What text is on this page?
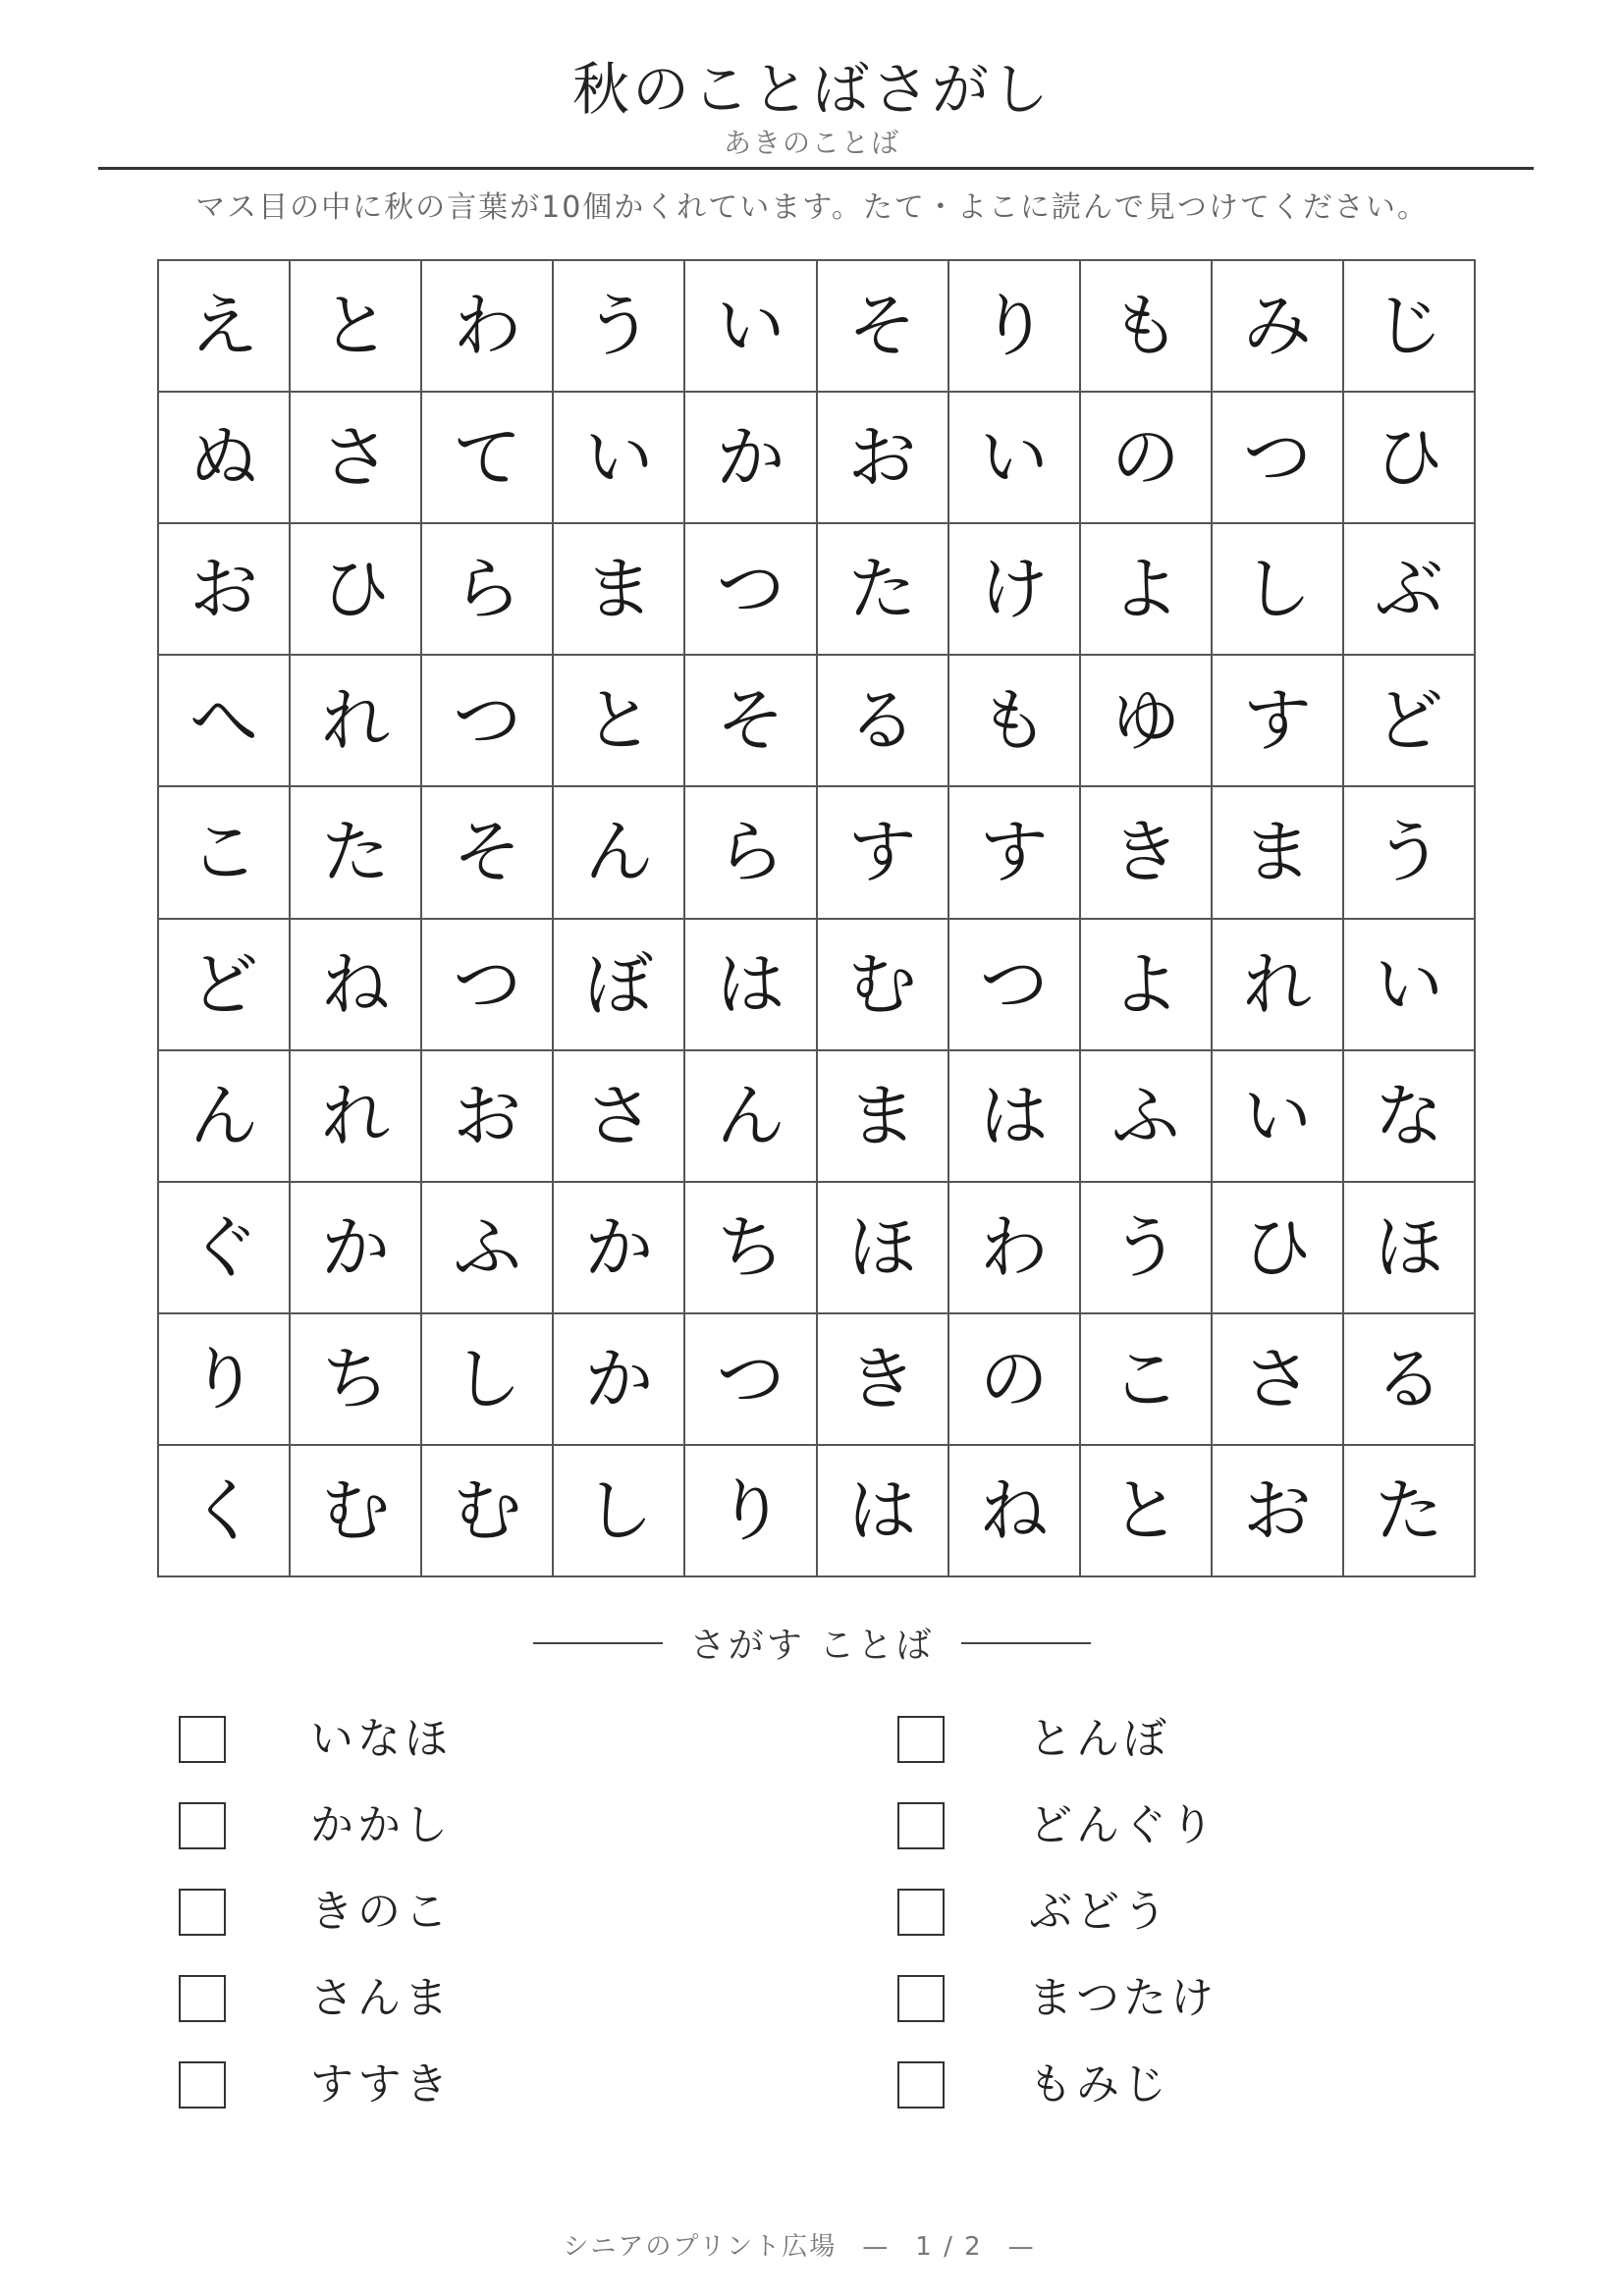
秋のことばさがし
あきのことば
マス目の中に秋の言葉が10個かくれています。たて・よこに読んで見つけてください。
え と わ う い そ り も み じ
ぬ さ て い か お い の つ ひ
お ひ ら ま つ た け よ し ぶ
へ れ つ と そ る も ゆ す ど
こ た そ ん ら す す き ま う
ど ね つ ぼ は む つ よ れ い
ん れ お さ ん ま は ふ い な
ぐ か ふ か ち ほ わ う ひ ほ
り ち し か つ き の こ さ る
く む む し り は ね と お た
さがす ことば
いなほ
かかし
きのこ
さんま
すすき
とんぼ
どんぐり
ぶどう
まつたけ
もみじ
シニアのプリント広場 — 1 / 2 —
